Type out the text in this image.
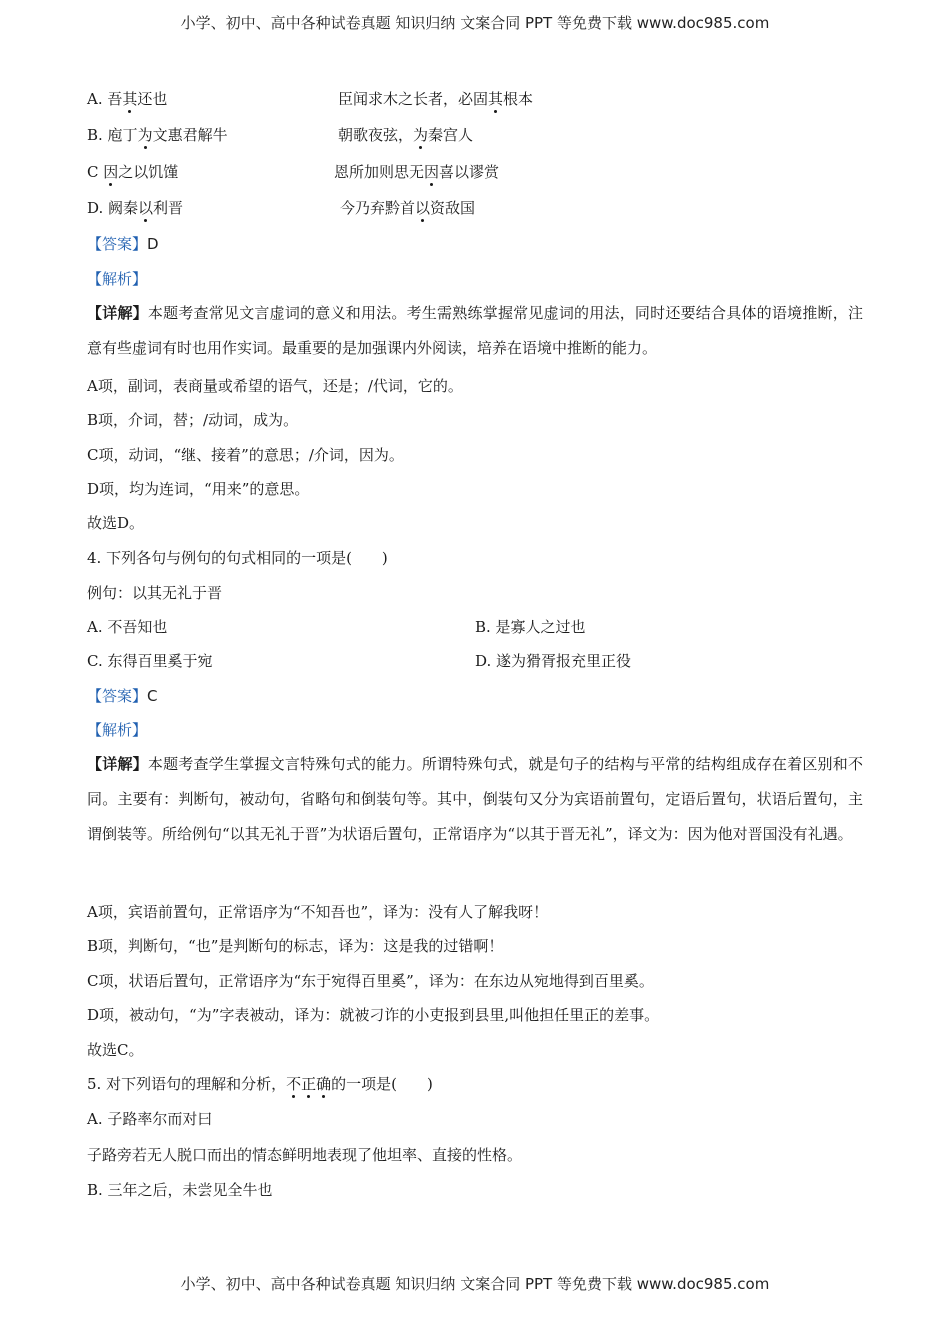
小学、初中、高中各种试卷真题 知识归纳 文案合同 PPT 等免费下载 www.doc985.com
A. 吾其还也	臣闻求木之长者，必固其根本
B. 庖丁为文惠君解牛	朝歌夜弦，为秦宫人
C 因之以饥馑	恩所加则思无因喜以谬赏
D. 阙秦以利晋	今乃弃黔首以资敌国
【答案】D
【解析】
【详解】本题考查常见文言虚词的意义和用法。考生需熟练掌握常见虚词的用法，同时还要结合具体的语境推断，注意有些虚词有时也用作实词。最重要的是加强课内外阅读，培养在语境中推断的能力。
A项，副词，表商量或希望的语气，还是；/代词，它的。
B项，介词，替；/动词，成为。
C项，动词，“继、接着”的意思；/介词，因为。
D项，均为连词，“用来”的意思。
故选D。
4. 下列各句与例句的句式相同的一项是(　　)
例句：以其无礼于晋
A. 不吾知也	B. 是寡人之过也
C. 东得百里奚于宛	D. 遂为猾胥报充里正役
【答案】C
【解析】
【详解】本题考查学生掌握文言特殊句式的能力。所谓特殊句式，就是句子的结构与平常的结构组成存在着区别和不同。主要有：判断句，被动句，省略句和倒装句等。其中，倒装句又分为宾语前置句，定语后置句，状语后置句，主谓倒装等。所给例句“以其无礼于晋”为状语后置句，正常语序为“以其于晋无礼”，译文为：因为他对晋国没有礼遇。
A项，宾语前置句，正常语序为“不知吾也”，译为：没有人了解我呀！
B项，判断句，“也”是判断句的标志，译为：这是我的过错啊！
C项，状语后置句，正常语序为“东于宛得百里奚”，译为：在东边从宛地得到百里奚。
D项，被动句，“为”字表被动，译为：就被刁诈的小吏报到县里,叫他担任里正的差事。
故选C。
5. 对下列语句的理解和分析，不正确的一项是(　　)
A. 子路率尔而对曰
子路旁若无人脱口而出的情态鲜明地表现了他坦率、直接的性格。
B. 三年之后，未尝见全牛也
小学、初中、高中各种试卷真题 知识归纳 文案合同 PPT 等免费下载 www.doc985.com
